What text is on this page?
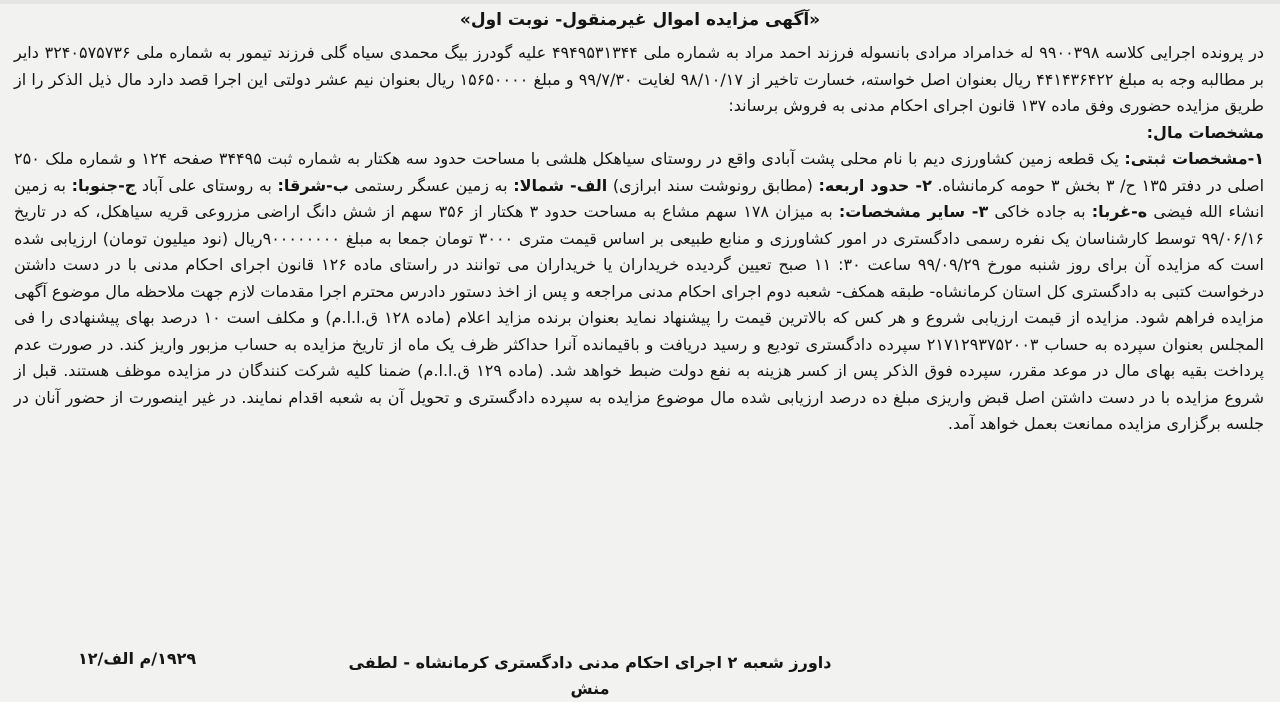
«آگهی مزایده اموال غیرمنقول- نوبت اول»

در پرونده اجرایی کلاسه ۹۹۰۰۳۹۸ له خدامراد مرادی بانسوله فرزند احمد مراد به شماره ملی ۴۹۴۹۵۳۱۳۴۴ علیه گودرز بیگ محمدی سیاه گلی فرزند تیمور به شماره ملی ۳۲۴۰۵۷۵۷۳۶ دایر بر مطالبه وجه به مبلغ ۴۴۱۴۳۶۴۲۲ ریال بعنوان اصل خواسته، خسارت تاخیر از ۹۸/۱۰/۱۷ لغایت ۹۹/۷/۳۰ و مبلغ ۱۵۶۵۰۰۰۰ ریال بعنوان نیم عشر دولتی این اجرا قصد دارد مال ذیل الذکر را از طریق مزایده حضوری وفق ماده ۱۳۷ قانون اجرای احکام مدنی به فروش برساند:

مشخصات مال:

۱-مشخصات ثبتی: یک قطعه زمین کشاورزی دیم با نام محلی پشت آبادی واقع در روستای سیاهکل هلشی با مساحت حدود سه هکتار به شماره ثبت ۳۴۴۹۵ صفحه ۱۲۴ و شماره ملک ۲۵۰ اصلی در دفتر ۱۳۵ ح/ ۳ بخش ۳ حومه کرمانشاه. ۲- حدود اربعه: (مطابق رونوشت سند ابرازی) الف- شمالا: به زمین عسگر رستمی ب-شرقا: به روستای علی آباد ج-جنوبا: به زمین انشاء الله فیضی ه-غربا: به جاده خاکی ۳- سایر مشخصات: به میزان ۱۷۸ سهم مشاع به مساحت حدود ۳ هکتار از ۳۵۶ سهم از شش دانگ اراضی مزروعی قریه سیاهکل، که در تاریخ ۹۹/۰۶/۱۶ توسط کارشناسان یک نفره رسمی دادگستری در امور کشاورزی و منابع طبیعی بر اساس قیمت متری ۳۰۰۰ تومان جمعا به مبلغ ۹۰۰۰۰۰۰۰۰ریال (نود میلیون تومان) ارزیابی شده است که مزایده آن برای روز شنبه مورخ ۹۹/۰۹/۲۹ ساعت ۳۰: ۱۱ صبح تعیین گردیده خریداران یا خریداران می توانند در راستای ماده ۱۲۶ قانون اجرای احکام مدنی با در دست داشتن درخواست کتبی به دادگستری کل استان کرمانشاه- طبقه همکف- شعبه دوم اجرای احکام مدنی مراجعه و پس از اخذ دستور دادرس محترم اجرا مقدمات لازم جهت ملاحظه مال موضوع آگهی مزایده فراهم شود. مزایده از قیمت ارزیابی شروع و هر کس که بالاترین قیمت را پیشنهاد نماید بعنوان برنده مزاید اعلام (ماده ۱۲۸ ق.ا.ا.م) و مکلف است ۱۰ درصد بهای پیشنهادی را فی المجلس بعنوان سپرده به حساب ۲۱۷۱۲۹۳۷۵۲۰۰۳ سپرده دادگستری تودیع و رسید دریافت و باقیمانده آنرا حداکثر ظرف یک ماه از تاریخ مزایده به حساب مزبور واریز کند. در صورت عدم پرداخت بقیه بهای مال در موعد مقرر، سپرده فوق الذکر پس از کسر هزینه به نفع دولت ضبط خواهد شد. (ماده ۱۲۹ ق.ا.ا.م) ضمنا کلیه شرکت کنندگان در مزایده موظف هستند. قبل از شروع مزایده با در دست داشتن اصل قبض واریزی مبلغ ده درصد ارزیابی شده مال موضوع مزایده به سپرده دادگستری و تحویل آن به شعبه اقدام نمایند. در غیر اینصورت از حضور آنان در جلسه برگزاری مزایده ممانعت بعمل خواهد آمد.

۱۹۲۹/م الف/۱۲	داورز شعبه ۲ اجرای احکام مدنی دادگستری کرمانشاه - لطفی منش
